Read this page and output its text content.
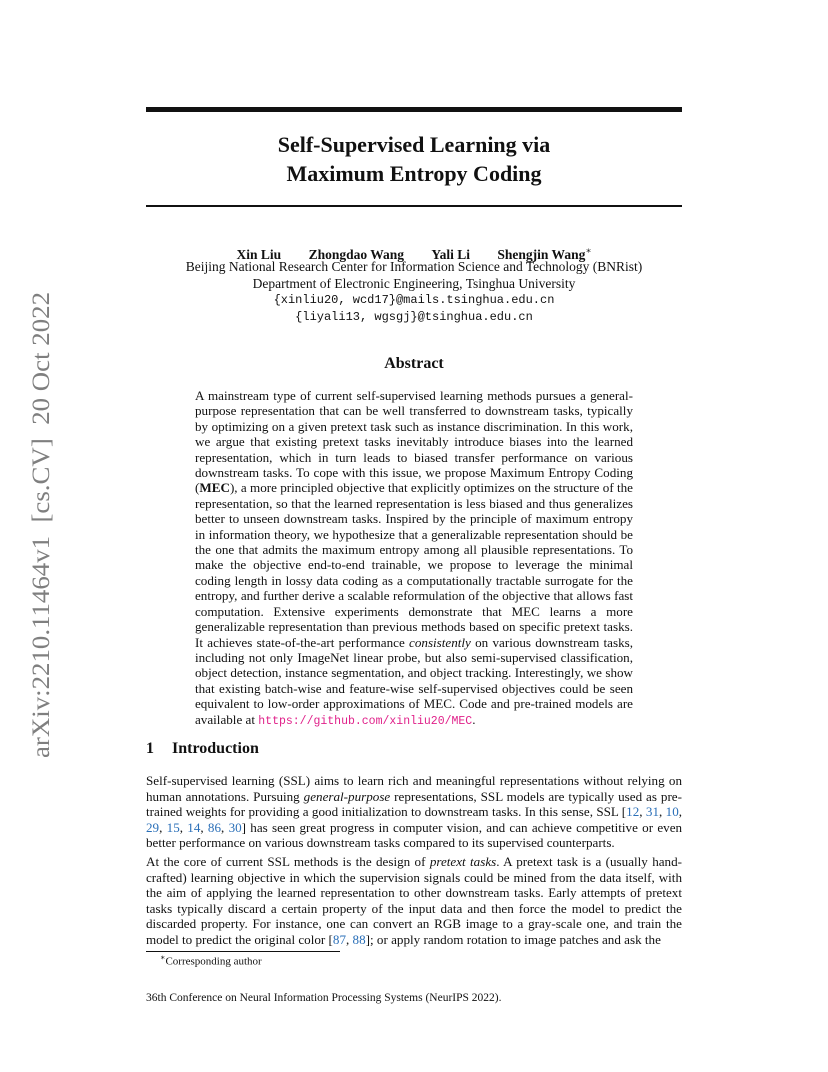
Self-Supervised Learning via
Maximum Entropy Coding
Xin Liu Zhongdao Wang Yali Li Shengjin Wang∗
Beijing National Research Center for Information Science and Technology (BNRist)
Department of Electronic Engineering, Tsinghua University
{xinliu20, wcd17}@mails.tsinghua.edu.cn
{liyali13, wgsgj}@tsinghua.edu.cn
arXiv:2210.11464v1  [cs.CV]  20 Oct 2022	Abstract
A mainstream type of current self-supervised learning methods pursues a general-purpose representation that can be well transferred to downstream tasks, typically by optimizing on a given pretext task such as instance discrimination. In this work, we argue that existing pretext tasks inevitably introduce biases into the learned representation, which in turn leads to biased transfer performance on various downstream tasks. To cope with this issue, we propose Maximum Entropy Coding (MEC), a more principled objective that explicitly optimizes on the structure of the representation, so that the learned representation is less biased and thus generalizes better to unseen downstream tasks. Inspired by the principle of maximum entropy in information theory, we hypothesize that a generalizable representation should be the one that admits the maximum entropy among all plausible representations. To make the objective end-to-end trainable, we propose to leverage the minimal coding length in lossy data coding as a computationally tractable surrogate for the entropy, and further derive a scalable reformulation of the objective that allows fast computation. Extensive experiments demonstrate that MEC learns a more generalizable representation than previous methods based on specific pretext tasks. It achieves state-of-the-art performance consistently on various downstream tasks, including not only ImageNet linear probe, but also semi-supervised classification, object detection, instance segmentation, and object tracking. Interestingly, we show that existing batch-wise and feature-wise self-supervised objectives could be seen equivalent to low-order approximations of MEC. Code and pre-trained models are available at https://github.com/xinliu20/MEC.
1 Introduction
Self-supervised learning (SSL) aims to learn rich and meaningful representations without relying on human annotations. Pursuing general-purpose representations, SSL models are typically used as pre-trained weights for providing a good initialization to downstream tasks. In this sense, SSL [12, 31, 10, 29, 15, 14, 86, 30] has seen great progress in computer vision, and can achieve competitive or even better performance on various downstream tasks compared to its supervised counterparts.
At the core of current SSL methods is the design of pretext tasks. A pretext task is a (usually hand-crafted) learning objective in which the supervision signals could be mined from the data itself, with the aim of applying the learned representation to other downstream tasks. Early attempts of pretext tasks typically discard a certain property of the input data and then force the model to predict the discarded property. For instance, one can convert an RGB image to a gray-scale one, and train the model to predict the original color [87, 88]; or apply random rotation to image patches and ask the
∗Corresponding author
36th Conference on Neural Information Processing Systems (NeurIPS 2022).
